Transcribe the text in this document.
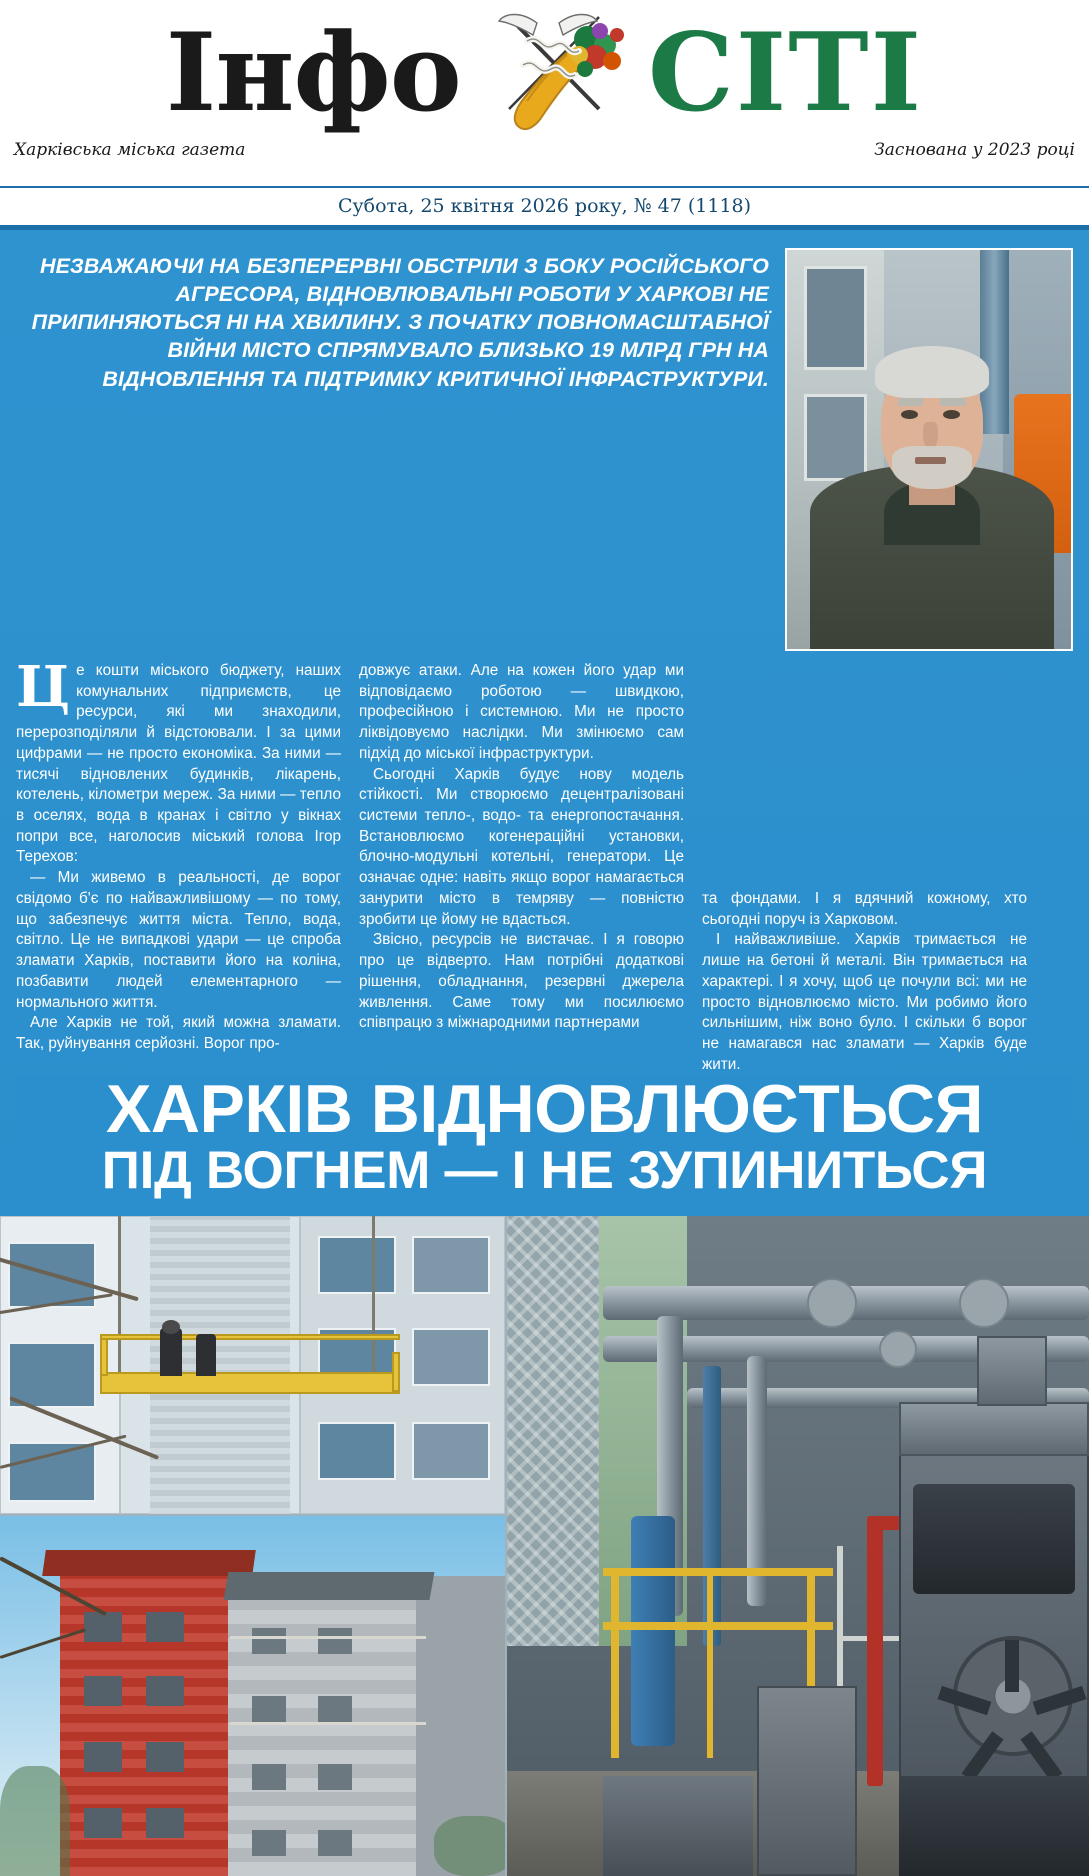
Інфо CITI
Харківська міська газета	Заснована у 2023 році
Субота, 25 квітня 2026 року, № 47 (1118)
НЕЗВАЖАЮЧИ НА БЕЗПЕРЕРВНІ ОБСТРІЛИ З БОКУ РОСІЙСЬКОГО АГРЕСОРА, ВІДНОВЛЮВАЛЬНІ РОБОТИ У ХАРКОВІ НЕ ПРИПИНЯЮТЬСЯ НІ НА ХВИЛИНУ. З ПОЧАТКУ ПОВНОМАСШТАБНОЇ ВІЙНИ МІСТО СПРЯМУВАЛО БЛИЗЬКО 19 МЛРД ГРН НА ВІДНОВЛЕННЯ ТА ПІДТРИМКУ КРИТИЧНОЇ ІНФРАСТРУКТУРИ.

Це кошти міського бюджету, наших комунальних підприємств, це ресурси, які ми знаходили, перерозподіляли й відстоювали. І за цими цифрами — не просто економіка. За ними — тисячі відновлених будинків, лікарень, котелень, кілометри мереж. За ними — тепло в оселях, вода в кранах і світло у вікнах попри все, наголосив міський голова Ігор Терехов:

— Ми живемо в реальності, де ворог свідомо б'є по найважливішому — по тому, що забезпечує життя міста. Тепло, вода, світло. Це не випадкові удари — це спроба зламати Харків, поставити його на коліна, позбавити людей елементарного — нормального життя.

Але Харків не той, який можна зламати. Так, руйнування серйозні. Ворог про-

довжує атаки. Але на кожен його удар ми відповідаємо роботою — швидкою, професійною і системною. Ми не просто ліквідовуємо наслідки. Ми змінюємо сам підхід до міської інфраструктури.

Сьогодні Харків будує нову модель стійкості. Ми створюємо децентралізовані системи тепло-, водо- та енергопостачання. Встановлюємо когенераційні установки, блочно-модульні котельні, генератори. Це означає одне: навіть якщо ворог намагається занурити місто в темряву — повністю зробити це йому не вдасться.

Звісно, ресурсів не вистачає. І я говорю про це відверто. Нам потрібні додаткові рішення, обладнання, резервні джерела живлення. Саме тому ми посилюємо співпрацю з міжнародними партнерами

та фондами. І я вдячний кожному, хто сьогодні поруч із Харковом.

І найважливіше. Харків тримається не лише на бетоні й металі. Він тримається на характері. І я хочу, щоб це почули всі: ми не просто відновлюємо місто. Ми робимо його сильнішим, ніж воно було. І скільки б ворог не намагався нас зламати — Харків буде жити.

ХАРКІВ ВІДНОВЛЮЄТЬСЯ
ПІД ВОГНЕМ — І НЕ ЗУПИНИТЬСЯ
